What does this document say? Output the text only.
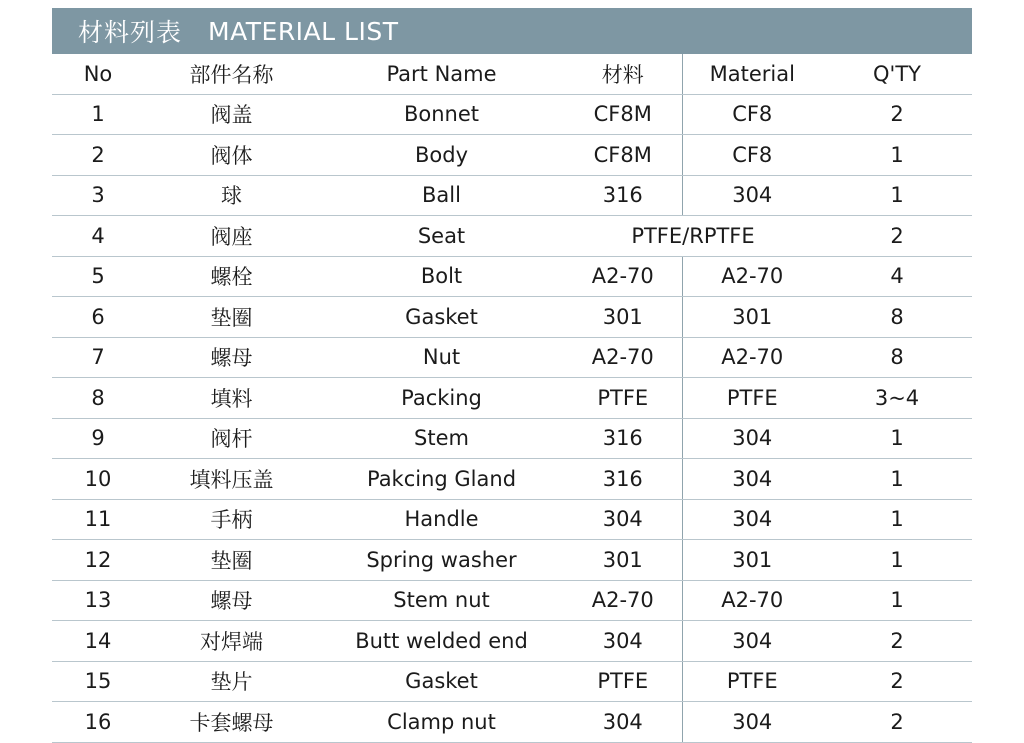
材料列表 MATERIAL LIST
No	部件名称	Part Name	材料	Material	Q'TY
1	阀盖	Bonnet	CF8M	CF8	2
2	阀体	Body	CF8M	CF8	1
3	球	Ball	316	304	1
4	阀座	Seat	PTFE/RPTFE		2
5	螺栓	Bolt	A2-70	A2-70	4
6	垫圈	Gasket	301	301	8
7	螺母	Nut	A2-70	A2-70	8
8	填料	Packing	PTFE	PTFE	3~4
9	阀杆	Stem	316	304	1
10	填料压盖	Pakcing Gland	316	304	1
11	手柄	Handle	304	304	1
12	垫圈	Spring washer	301	301	1
13	螺母	Stem nut	A2-70	A2-70	1
14	对焊端	Butt welded end	304	304	2
15	垫片	Gasket	PTFE	PTFE	2
16	卡套螺母	Clamp nut	304	304	2
